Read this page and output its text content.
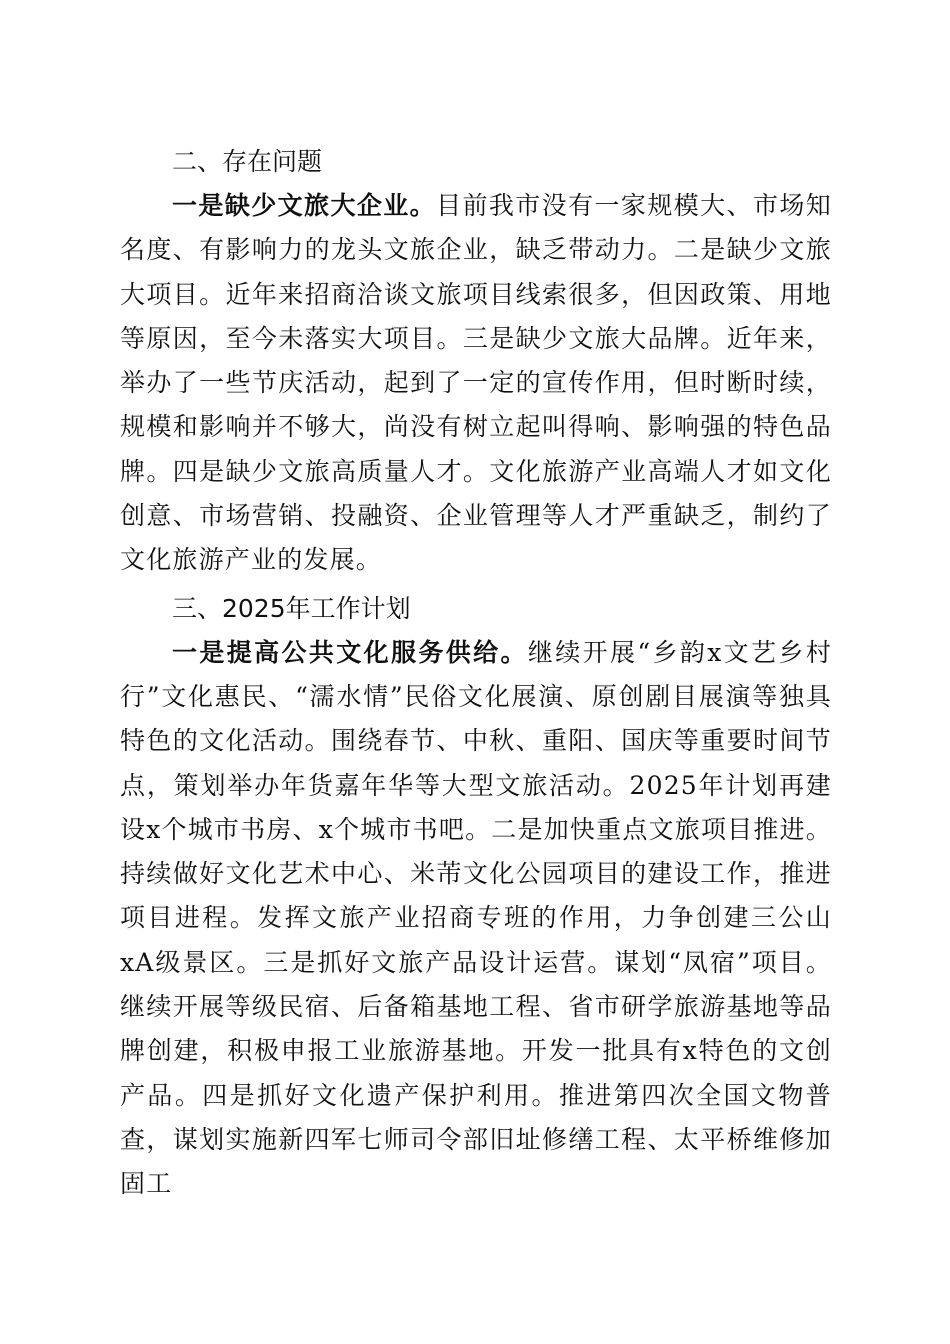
二、存在问题

一是缺少文旅大企业。目前我市没有一家规模大、市场知名度、有影响力的龙头文旅企业，缺乏带动力。二是缺少文旅大项目。近年来招商洽谈文旅项目线索很多，但因政策、用地等原因，至今未落实大项目。三是缺少文旅大品牌。近年来，举办了一些节庆活动，起到了一定的宣传作用，但时断时续，规模和影响并不够大，尚没有树立起叫得响、影响强的特色品牌。四是缺少文旅高质量人才。文化旅游产业高端人才如文化创意、市场营销、投融资、企业管理等人才严重缺乏，制约了文化旅游产业的发展。

三、2025年工作计划

一是提高公共文化服务供给。继续开展“乡韵x文艺乡村行”文化惠民、“濡水情”民俗文化展演、原创剧目展演等独具特色的文化活动。围绕春节、中秋、重阳、国庆等重要时间节点，策划举办年货嘉年华等大型文旅活动。2025年计划再建设x个城市书房、x个城市书吧。二是加快重点文旅项目推进。持续做好文化艺术中心、米芾文化公园项目的建设工作，推进项目进程。发挥文旅产业招商专班的作用，力争创建三公山xA级景区。三是抓好文旅产品设计运营。谋划“凤宿”项目。继续开展等级民宿、后备箱基地工程、省市研学旅游基地等品牌创建，积极申报工业旅游基地。开发一批具有x特色的文创产品。四是抓好文化遗产保护利用。推进第四次全国文物普查，谋划实施新四军七师司令部旧址修缮工程、太平桥维修加固工
